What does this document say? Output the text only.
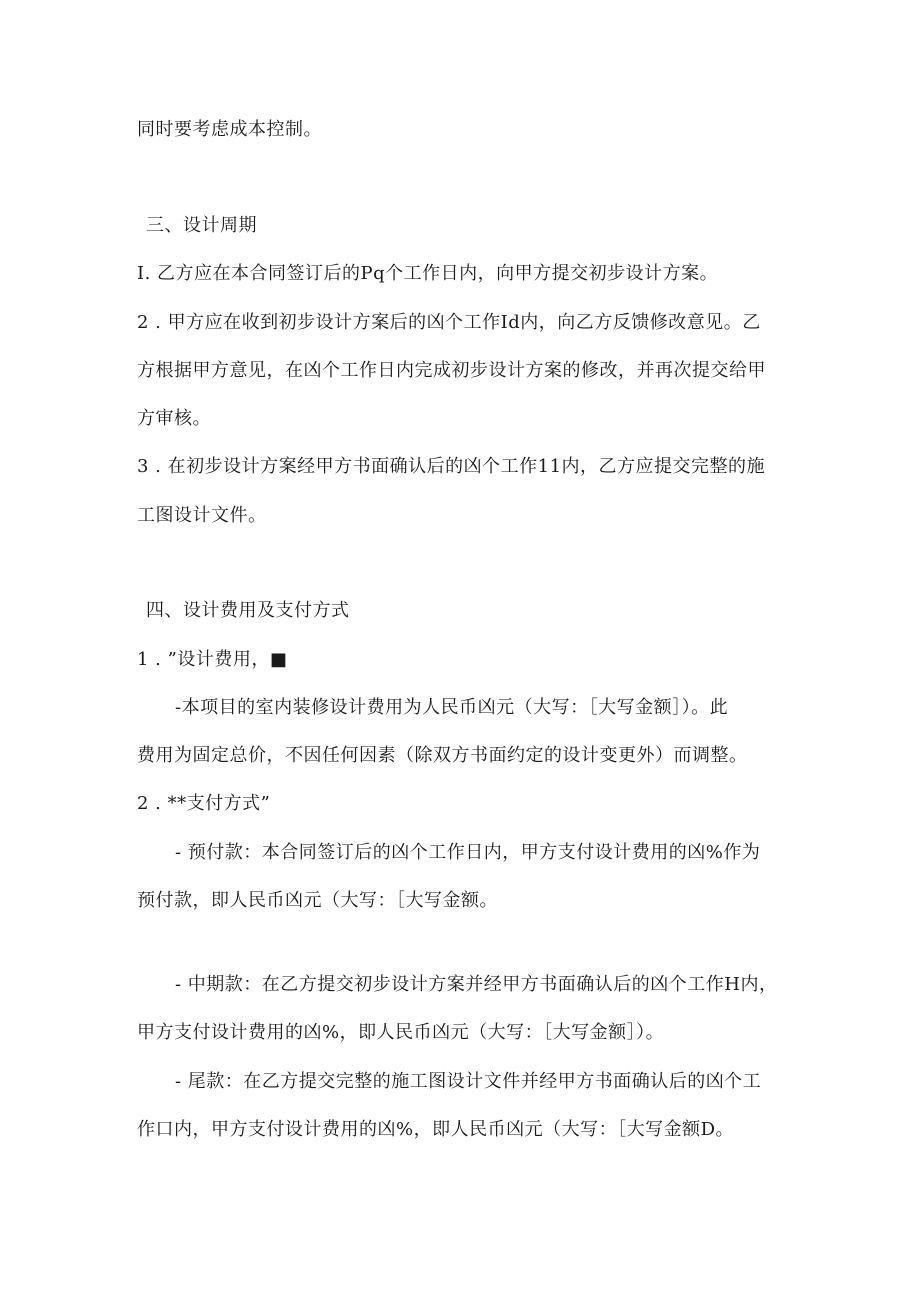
同时要考虑成本控制。
三、设计周期
I. 乙方应在本合同签订后的Pq个工作日内，向甲方提交初步设计方案。
2 . 甲方应在收到初步设计方案后的凶个工作Id内，向乙方反馈修改意见。乙
方根据甲方意见，在凶个工作日内完成初步设计方案的修改，并再次提交给甲
方审核。
3 . 在初步设计方案经甲方书面确认后的凶个工作11内，乙方应提交完整的施
工图设计文件。
四、设计费用及支付方式
1 . ”设计费用，■
-本项目的室内装修设计费用为人民币凶元（大写：［大写金额］）。此
费用为固定总价，不因任何因素（除双方书面约定的设计变更外）而调整。
2 . **支付方式”
- 预付款：本合同签订后的凶个工作日内，甲方支付设计费用的凶%作为
预付款，即人民币凶元（大写：［大写金额。
- 中期款：在乙方提交初步设计方案并经甲方书面确认后的凶个工作H内，
甲方支付设计费用的凶%，即人民币凶元（大写：［大写金额］）。
- 尾款：在乙方提交完整的施工图设计文件并经甲方书面确认后的凶个工
作口内，甲方支付设计费用的凶%，即人民币凶元（大写：［大写金额D。
